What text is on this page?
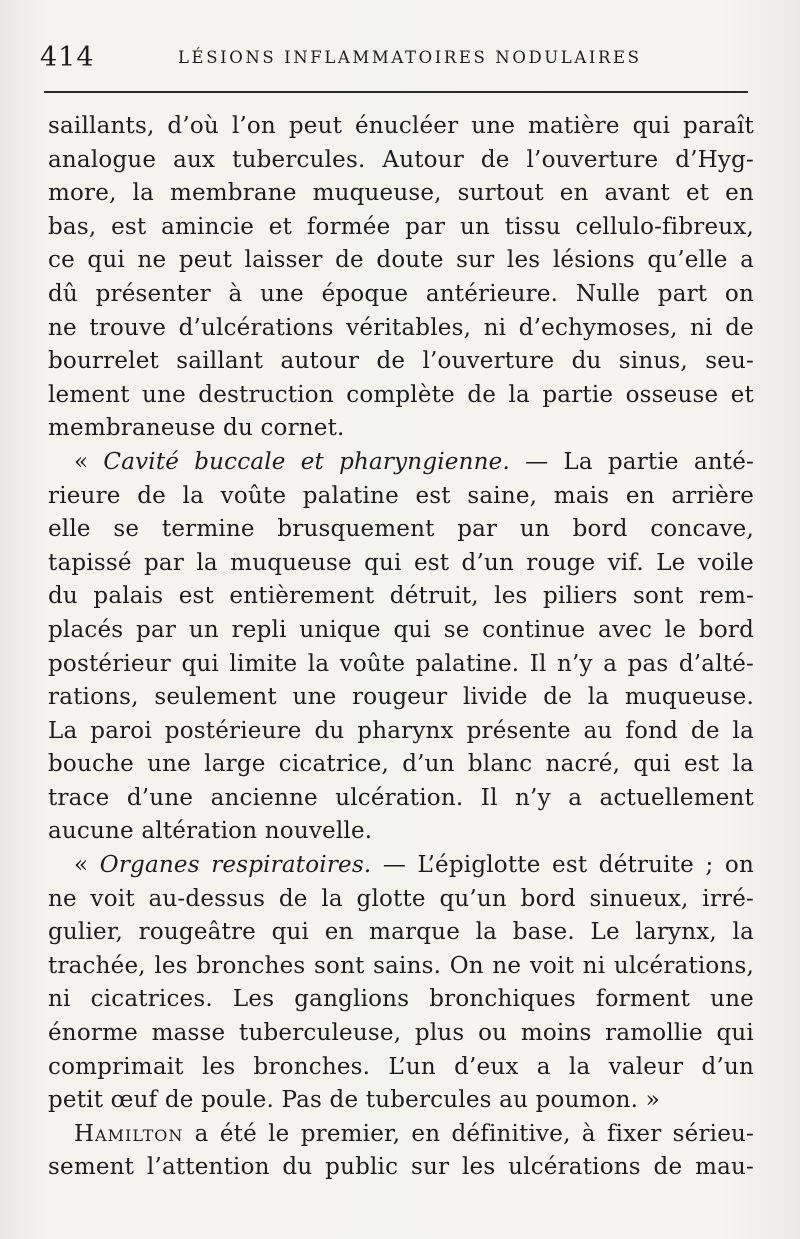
414	LÉSIONS INFLAMMATOIRES NODULAIRES
saillants, d’où l’on peut énucléer une matière qui paraît
analogue aux tubercules. Autour de l’ouverture d’Hyg-
more, la membrane muqueuse, surtout en avant et en
bas, est amincie et formée par un tissu cellulo-fibreux,
ce qui ne peut laisser de doute sur les lésions qu’elle a
dû présenter à une époque antérieure. Nulle part on
ne trouve d’ulcérations véritables, ni d’echymoses, ni de
bourrelet saillant autour de l’ouverture du sinus, seu-
lement une destruction complète de la partie osseuse et
membraneuse du cornet.
« Cavité buccale et pharyngienne. — La partie anté-
rieure de la voûte palatine est saine, mais en arrière
elle se termine brusquement par un bord concave,
tapissé par la muqueuse qui est d’un rouge vif. Le voile
du palais est entièrement détruit, les piliers sont rem-
placés par un repli unique qui se continue avec le bord
postérieur qui limite la voûte palatine. Il n’y a pas d’alté-
rations, seulement une rougeur livide de la muqueuse.
La paroi postérieure du pharynx présente au fond de la
bouche une large cicatrice, d’un blanc nacré, qui est la
trace d’une ancienne ulcération. Il n’y a actuellement
aucune altération nouvelle.
« Organes respiratoires. — L’épiglotte est détruite ; on
ne voit au-dessus de la glotte qu’un bord sinueux, irré-
gulier, rougeâtre qui en marque la base. Le larynx, la
trachée, les bronches sont sains. On ne voit ni ulcérations,
ni cicatrices. Les ganglions bronchiques forment une
énorme masse tuberculeuse, plus ou moins ramollie qui
comprimait les bronches. L’un d’eux a la valeur d’un
petit œuf de poule. Pas de tubercules au poumon. »
Hamilton a été le premier, en définitive, à fixer sérieu-
sement l’attention du public sur les ulcérations de mau-
